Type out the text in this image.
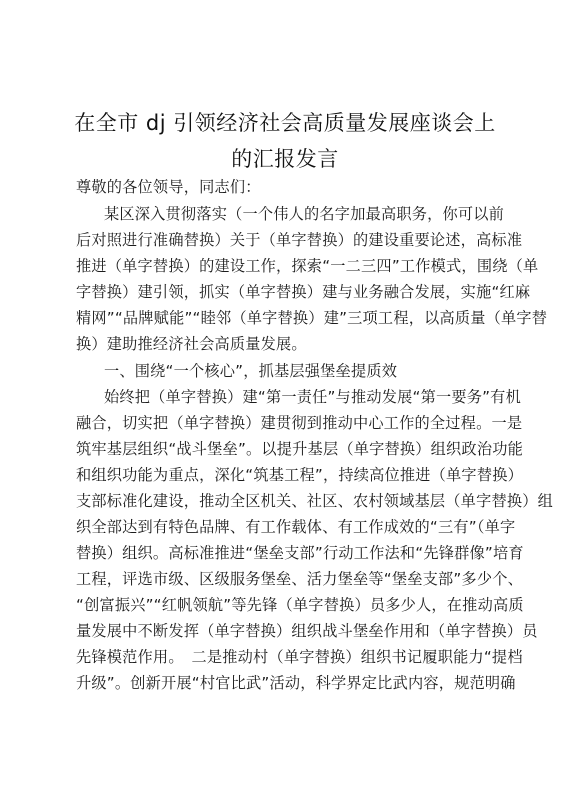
在全市 dj 引领经济社会高质量发展座谈会上
的汇报发言
尊敬的各位领导，同志们：
某区深入贯彻落实（一个伟人的名字加最高职务，你可以前
后对照进行准确替换）关于（单字替换）的建设重要论述，高标准
推进（单字替换）的建设工作，探索“一二三四”工作模式，围绕（单
字替换）建引领，抓实（单字替换）建与业务融合发展，实施“红麻
精网”“品牌赋能”“睦邻（单字替换）建”三项工程，以高质量（单字替
换）建助推经济社会高质量发展。
一、围绕“一个核心”，抓基层强堡垒提质效
始终把（单字替换）建“第一责任”与推动发展“第一要务”有机
融合，切实把（单字替换）建贯彻到推动中心工作的全过程。一是
筑牢基层组织“战斗堡垒”。以提升基层（单字替换）组织政治功能
和组织功能为重点，深化“筑基工程”，持续高位推进（单字替换）
支部标准化建设，推动全区机关、社区、农村领域基层（单字替换）组
织全部达到有特色品牌、有工作载体、有工作成效的“三有”（单字
替换）组织。高标准推进“堡垒支部”行动工作法和“先锋群像”培育
工程，评选市级、区级服务堡垒、活力堡垒等“堡垒支部”多少个、
“创富振兴”“红帆领航”等先锋（单字替换）员多少人，在推动高质
量发展中不断发挥（单字替换）组织战斗堡垒作用和（单字替换）员
先锋模范作用。　二是推动村（单字替换）组织书记履职能力“提档
升级”。创新开展“村官比武”活动，科学界定比武内容，规范明确
